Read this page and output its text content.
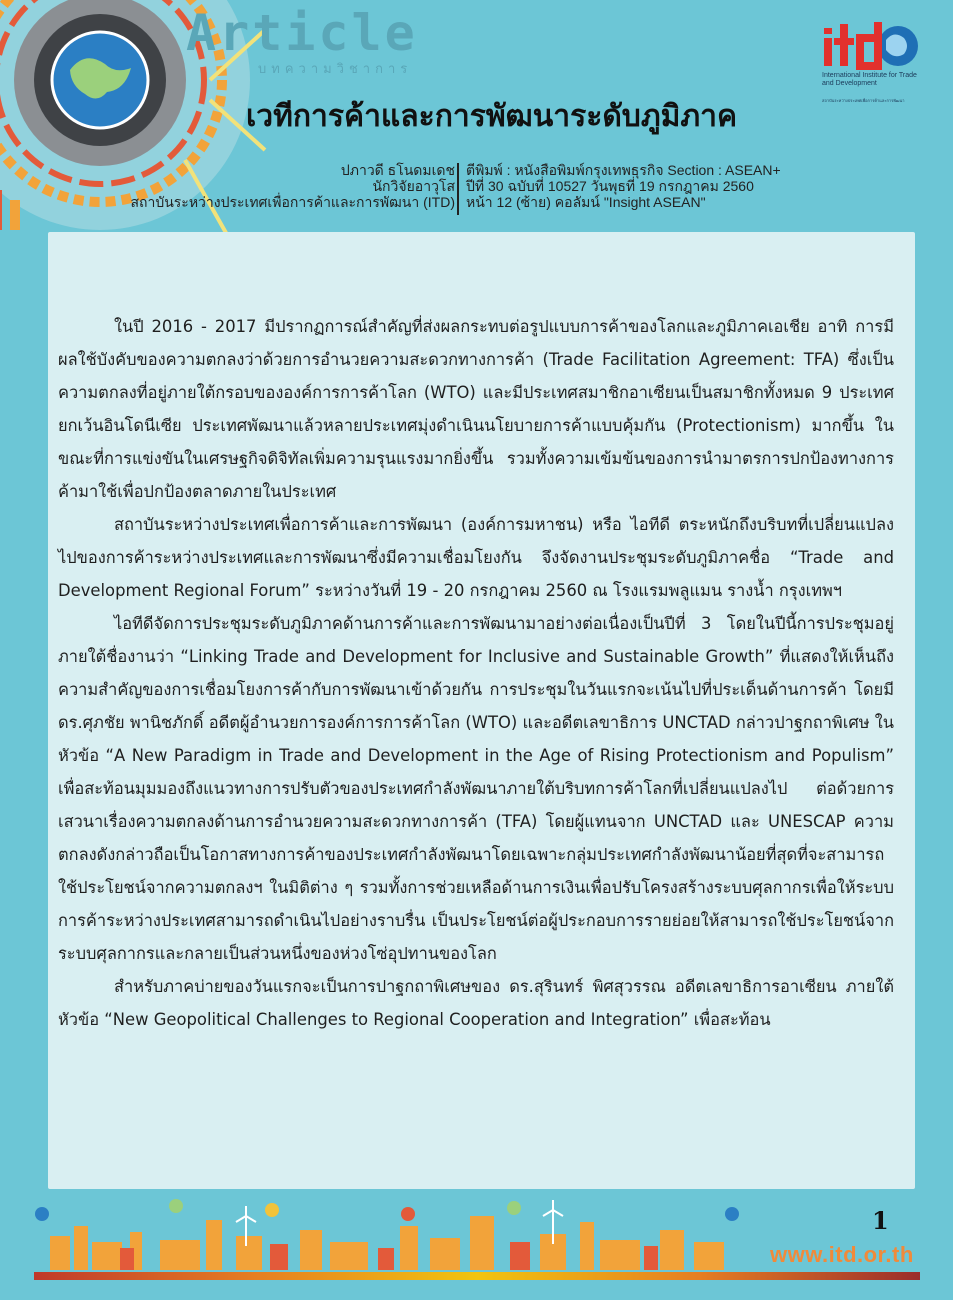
Article
บทความวิชาการ	International Institute for Trade and Development
สถาบันระหว่างประเทศเพื่อการค้าและการพัฒนา
เวทีการค้าและการพัฒนาระดับภูมิภาค
ปภาวดี ธโนดมเดช
นักวิจัยอาวุโส
สถาบันระหว่างประเทศเพื่อการค้าและการพัฒนา (ITD)
ตีพิมพ์ : หนังสือพิมพ์กรุงเทพธุรกิจ Section : ASEAN+
ปีที่ 30 ฉบับที่ 10527 วันพุธที่ 19 กรกฎาคม 2560
หน้า 12 (ซ้าย) คอลัมน์ "Insight ASEAN"

ในปี 2016 - 2017 มีปรากฏการณ์สำคัญที่ส่งผลกระทบต่อรูปแบบการค้าของโลกและภูมิภาคเอเชีย อาทิ การมีผลใช้บังคับของความตกลงว่าด้วยการอำนวยความสะดวกทางการค้า (Trade Facilitation Agreement: TFA) ซึ่งเป็นความตกลงที่อยู่ภายใต้กรอบขององค์การการค้าโลก (WTO) และมีประเทศสมาชิกอาเซียนเป็นสมาชิกทั้งหมด 9 ประเทศ ยกเว้นอินโดนีเซีย ประเทศพัฒนาแล้วหลายประเทศมุ่งดำเนินนโยบายการค้าแบบคุ้มกัน (Protectionism) มากขึ้น ในขณะที่การแข่งขันในเศรษฐกิจดิจิทัลเพิ่มความรุนแรงมากยิ่งขึ้น รวมทั้งความเข้มข้นของการนำมาตรการปกป้องทางการค้ามาใช้เพื่อปกป้องตลาดภายในประเทศ

สถาบันระหว่างประเทศเพื่อการค้าและการพัฒนา (องค์การมหาชน) หรือ ไอทีดี ตระหนักถึงบริบทที่เปลี่ยนแปลงไปของการค้าระหว่างประเทศและการพัฒนาซึ่งมีความเชื่อมโยงกัน จึงจัดงานประชุมระดับภูมิภาคชื่อ “Trade and Development Regional Forum” ระหว่างวันที่ 19 - 20 กรกฎาคม 2560 ณ โรงแรมพลูแมน รางน้ำ กรุงเทพฯ

ไอทีดีจัดการประชุมระดับภูมิภาคด้านการค้าและการพัฒนามาอย่างต่อเนื่องเป็นปีที่ 3 โดยในปีนี้การประชุมอยู่ภายใต้ชื่องานว่า “Linking Trade and Development for Inclusive and Sustainable Growth” ที่แสดงให้เห็นถึงความสำคัญของการเชื่อมโยงการค้ากับการพัฒนาเข้าด้วยกัน การประชุมในวันแรกจะเน้นไปที่ประเด็นด้านการค้า โดยมี ดร.ศุภชัย พานิชภักดิ์ อดีตผู้อำนวยการองค์การการค้าโลก (WTO) และอดีตเลขาธิการ UNCTAD กล่าวปาฐกถาพิเศษ ในหัวข้อ “A New Paradigm in Trade and Development in the Age of Rising Protectionism and Populism” เพื่อสะท้อนมุมมองถึงแนวทางการปรับตัวของประเทศกำลังพัฒนาภายใต้บริบทการค้าโลกที่เปลี่ยนแปลงไป ต่อด้วยการเสวนาเรื่องความตกลงด้านการอำนวยความสะดวกทางการค้า (TFA) โดยผู้แทนจาก UNCTAD และ UNESCAP ความตกลงดังกล่าวถือเป็นโอกาสทางการค้าของประเทศกำลังพัฒนาโดยเฉพาะกลุ่มประเทศกำลังพัฒนาน้อยที่สุดที่จะสามารถใช้ประโยชน์จากความตกลงฯ ในมิติต่าง ๆ รวมทั้งการช่วยเหลือด้านการเงินเพื่อปรับโครงสร้างระบบศุลกากรเพื่อให้ระบบการค้าระหว่างประเทศสามารถดำเนินไปอย่างราบรื่น เป็นประโยชน์ต่อผู้ประกอบการรายย่อยให้สามารถใช้ประโยชน์จากระบบศุลกากรและกลายเป็นส่วนหนึ่งของห่วงโซ่อุปทานของโลก

สำหรับภาคบ่ายของวันแรกจะเป็นการปาฐกถาพิเศษของ ดร.สุรินทร์ พิศสุวรรณ อดีตเลขาธิการอาเซียน ภายใต้หัวข้อ “New Geopolitical Challenges to Regional Cooperation and Integration” เพื่อสะท้อน

1
www.itd.or.th
